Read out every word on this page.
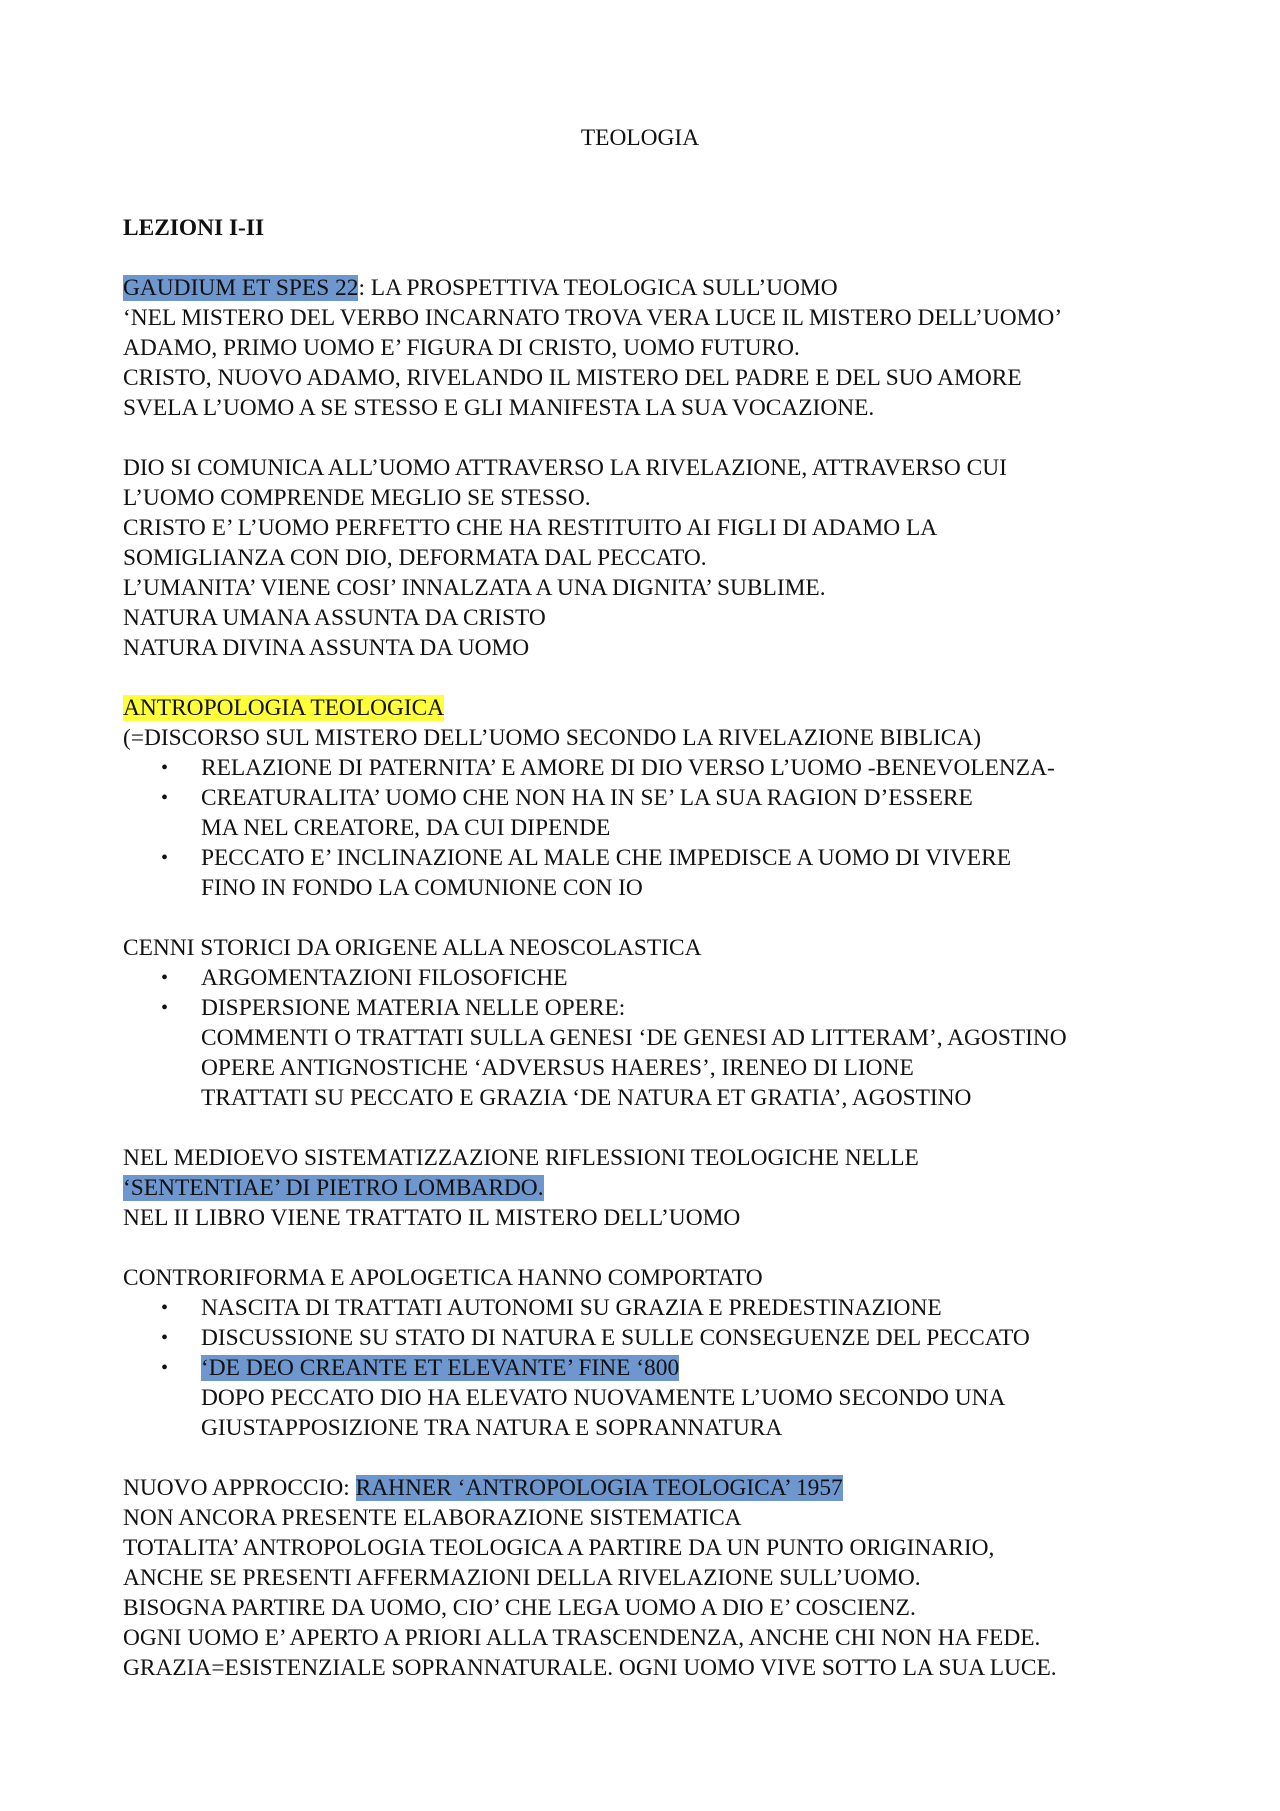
TEOLOGIA
LEZIONI I-II
GAUDIUM ET SPES 22: LA PROSPETTIVA TEOLOGICA SULL’UOMO
‘NEL MISTERO DEL VERBO INCARNATO TROVA VERA LUCE IL MISTERO DELL’UOMO’
ADAMO, PRIMO UOMO E’ FIGURA DI CRISTO, UOMO FUTURO.
CRISTO, NUOVO ADAMO, RIVELANDO IL MISTERO DEL PADRE E DEL SUO AMORE
SVELA L’UOMO A SE STESSO E GLI MANIFESTA LA SUA VOCAZIONE.
DIO SI COMUNICA ALL’UOMO ATTRAVERSO LA RIVELAZIONE, ATTRAVERSO CUI
L’UOMO COMPRENDE MEGLIO SE STESSO.
CRISTO E’ L’UOMO PERFETTO CHE HA RESTITUITO AI FIGLI DI ADAMO LA
SOMIGLIANZA CON DIO, DEFORMATA DAL PECCATO.
L’UMANITA’ VIENE COSI’ INNALZATA A UNA DIGNITA’ SUBLIME.
NATURA UMANA ASSUNTA DA CRISTO
NATURA DIVINA ASSUNTA DA UOMO
ANTROPOLOGIA TEOLOGICA
(=DISCORSO SUL MISTERO DELL’UOMO SECONDO LA RIVELAZIONE BIBLICA)
• RELAZIONE DI PATERNITA’ E AMORE DI DIO VERSO L’UOMO -BENEVOLENZA-
• CREATURALITA’ UOMO CHE NON HA IN SE’ LA SUA RAGION D’ESSERE
MA NEL CREATORE, DA CUI DIPENDE
• PECCATO E’ INCLINAZIONE AL MALE CHE IMPEDISCE A UOMO DI VIVERE
FINO IN FONDO LA COMUNIONE CON IO
CENNI STORICI DA ORIGENE ALLA NEOSCOLASTICA
• ARGOMENTAZIONI FILOSOFICHE
• DISPERSIONE MATERIA NELLE OPERE:
COMMENTI O TRATTATI SULLA GENESI ‘DE GENESI AD LITTERAM’, AGOSTINO
OPERE ANTIGNOSTICHE ‘ADVERSUS HAERES’, IRENEO DI LIONE
TRATTATI SU PECCATO E GRAZIA ‘DE NATURA ET GRATIA’, AGOSTINO
NEL MEDIOEVO SISTEMATIZZAZIONE RIFLESSIONI TEOLOGICHE NELLE
‘SENTENTIAE’ DI PIETRO LOMBARDO.
NEL II LIBRO VIENE TRATTATO IL MISTERO DELL’UOMO
CONTRORIFORMA E APOLOGETICA HANNO COMPORTATO
• NASCITA DI TRATTATI AUTONOMI SU GRAZIA E PREDESTINAZIONE
• DISCUSSIONE SU STATO DI NATURA E SULLE CONSEGUENZE DEL PECCATO
• ‘DE DEO CREANTE ET ELEVANTE’ FINE ‘800
DOPO PECCATO DIO HA ELEVATO NUOVAMENTE L’UOMO SECONDO UNA
GIUSTAPPOSIZIONE TRA NATURA E SOPRANNATURA
NUOVO APPROCCIO: RAHNER ‘ANTROPOLOGIA TEOLOGICA’ 1957
NON ANCORA PRESENTE ELABORAZIONE SISTEMATICA
TOTALITA’ ANTROPOLOGIA TEOLOGICA A PARTIRE DA UN PUNTO ORIGINARIO,
ANCHE SE PRESENTI AFFERMAZIONI DELLA RIVELAZIONE SULL’UOMO.
BISOGNA PARTIRE DA UOMO, CIO’ CHE LEGA UOMO A DIO E’ COSCIENZ.
OGNI UOMO E’ APERTO A PRIORI ALLA TRASCENDENZA, ANCHE CHI NON HA FEDE.
GRAZIA=ESISTENZIALE SOPRANNATURALE. OGNI UOMO VIVE SOTTO LA SUA LUCE.
